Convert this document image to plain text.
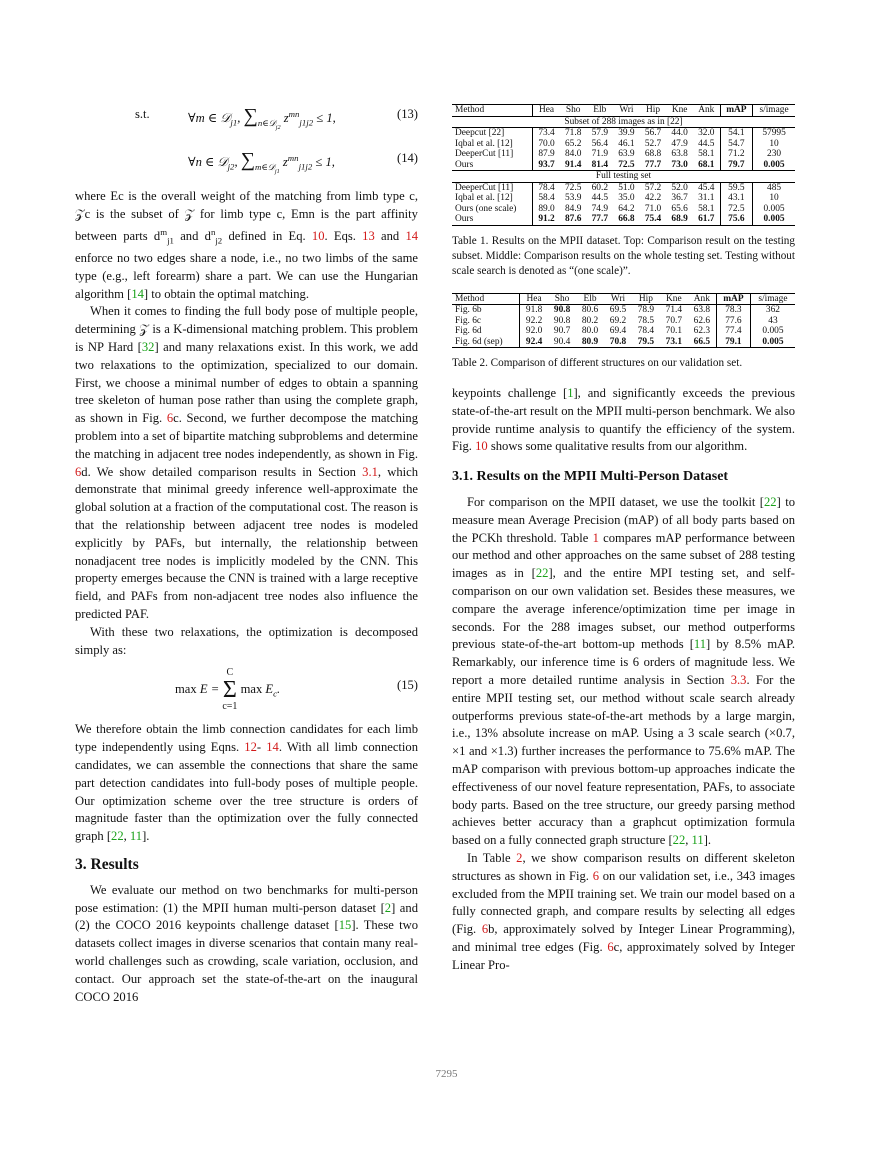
s.t.	∀m ∈ 𝒟$_{j1}$, $\sum_{n\in 𝒟_{j2}}$ $z^{mn}_{j1j2} \le 1$,	(13)
∀n ∈ 𝒟$_{j2}$, $\sum_{m\in 𝒟_{j1}}$ $z^{mn}_{j1j2} \le 1$,	(14)

where Ec is the overall weight of the matching from limb type c, 𝒵c is the subset of 𝒵 for limb type c, Emn is the part affinity between parts $d^m_{j1}$ and $d^n_{j2}$ defined in Eq. 10. Eqs. 13 and 14 enforce no two edges share a node, i.e., no two limbs of the same type (e.g., left forearm) share a part. We can use the Hungarian algorithm [14] to obtain the optimal matching.

When it comes to finding the full body pose of multiple people, determining 𝒵 is a K-dimensional matching problem. This problem is NP Hard [32] and many relaxations exist. In this work, we add two relaxations to the optimization, specialized to our domain. First, we choose a minimal number of edges to obtain a spanning tree skeleton of human pose rather than using the complete graph, as shown in Fig. 6c. Second, we further decompose the matching problem into a set of bipartite matching subproblems and determine the matching in adjacent tree nodes independently, as shown in Fig. 6d. We show detailed comparison results in Section 3.1, which demonstrate that minimal greedy inference well-approximate the global solution at a fraction of the computational cost. The reason is that the relationship between adjacent tree nodes is modeled explicitly by PAFs, but internally, the relationship between nonadjacent tree nodes is implicitly modeled by the CNN. This property emerges because the CNN is trained with a large receptive field, and PAFs from non-adjacent tree nodes also influence the predicted PAF.

With these two relaxations, the optimization is decomposed simply as:

max E =
C
Σ
c=1
$\max E_c$.	(15)

We therefore obtain the limb connection candidates for each limb type independently using Eqns. 12- 14. With all limb connection candidates, we can assemble the connections that share the same part detection candidates into full-body poses of multiple people. Our optimization scheme over the tree structure is orders of magnitude faster than the optimization over the fully connected graph [22, 11].

3. Results

We evaluate our method on two benchmarks for multi-person pose estimation: (1) the MPII human multi-person dataset [2] and (2) the COCO 2016 keypoints challenge dataset [15]. These two datasets collect images in diverse scenarios that contain many real-world challenges such as crowding, scale variation, occlusion, and contact. Our approach set the state-of-the-art on the inaugural COCO 2016

Method	Hea	Sho	Elb	Wri	Hip	Kne	Ank	mAP	s/image
Subset of 288 images as in [22]									
Deepcut [22]	73.4	71.8	57.9	39.9	56.7	44.0	32.0	54.1	57995
Iqbal et al. [12]	70.0	65.2	56.4	46.1	52.7	47.9	44.5	54.7	10
DeeperCut [11]	87.9	84.0	71.9	63.9	68.8	63.8	58.1	71.2	230
Ours	93.7	91.4	81.4	72.5	77.7	73.0	68.1	79.7	0.005
Full testing set									
DeeperCut [11]	78.4	72.5	60.2	51.0	57.2	52.0	45.4	59.5	485
Iqbal et al. [12]	58.4	53.9	44.5	35.0	42.2	36.7	31.1	43.1	10
Ours (one scale)	89.0	84.9	74.9	64.2	71.0	65.6	58.1	72.5	0.005
Ours	91.2	87.6	77.7	66.8	75.4	68.9	61.7	75.6	0.005
Table 1. Results on the MPII dataset. Top: Comparison result on the testing subset. Middle: Comparison results on the whole testing set. Testing without scale search is denoted as “(one scale)”.
Method	Hea	Sho	Elb	Wri	Hip	Kne	Ank	mAP	s/image
Fig. 6b	91.8	90.8	80.6	69.5	78.9	71.4	63.8	78.3	362
Fig. 6c	92.2	90.8	80.2	69.2	78.5	70.7	62.6	77.6	43
Fig. 6d	92.0	90.7	80.0	69.4	78.4	70.1	62.3	77.4	0.005
Fig. 6d (sep)	92.4	90.4	80.9	70.8	79.5	73.1	66.5	79.1	0.005
Table 2. Comparison of different structures on our validation set.

keypoints challenge [1], and significantly exceeds the previous state-of-the-art result on the MPII multi-person benchmark. We also provide runtime analysis to quantify the efficiency of the system. Fig. 10 shows some qualitative results from our algorithm.

3.1. Results on the MPII Multi-Person Dataset

For comparison on the MPII dataset, we use the toolkit [22] to measure mean Average Precision (mAP) of all body parts based on the PCKh threshold. Table 1 compares mAP performance between our method and other approaches on the same subset of 288 testing images as in [22], and the entire MPI testing set, and self-comparison on our own validation set. Besides these measures, we compare the average inference/optimization time per image in seconds. For the 288 images subset, our method outperforms previous state-of-the-art bottom-up methods [11] by 8.5% mAP. Remarkably, our inference time is 6 orders of magnitude less. We report a more detailed runtime analysis in Section 3.3. For the entire MPII testing set, our method without scale search already outperforms previous state-of-the-art methods by a large margin, i.e., 13% absolute increase on mAP. Using a 3 scale search (×0.7, ×1 and ×1.3) further increases the performance to 75.6% mAP. The mAP comparison with previous bottom-up approaches indicate the effectiveness of our novel feature representation, PAFs, to associate body parts. Based on the tree structure, our greedy parsing method achieves better accuracy than a graphcut optimization formula based on a fully connected graph structure [22, 11].

In Table 2, we show comparison results on different skeleton structures as shown in Fig. 6 on our validation set, i.e., 343 images excluded from the MPII training set. We train our model based on a fully connected graph, and compare results by selecting all edges (Fig. 6b, approximately solved by Integer Linear Programming), and minimal tree edges (Fig. 6c, approximately solved by Integer Linear Pro-

7295
